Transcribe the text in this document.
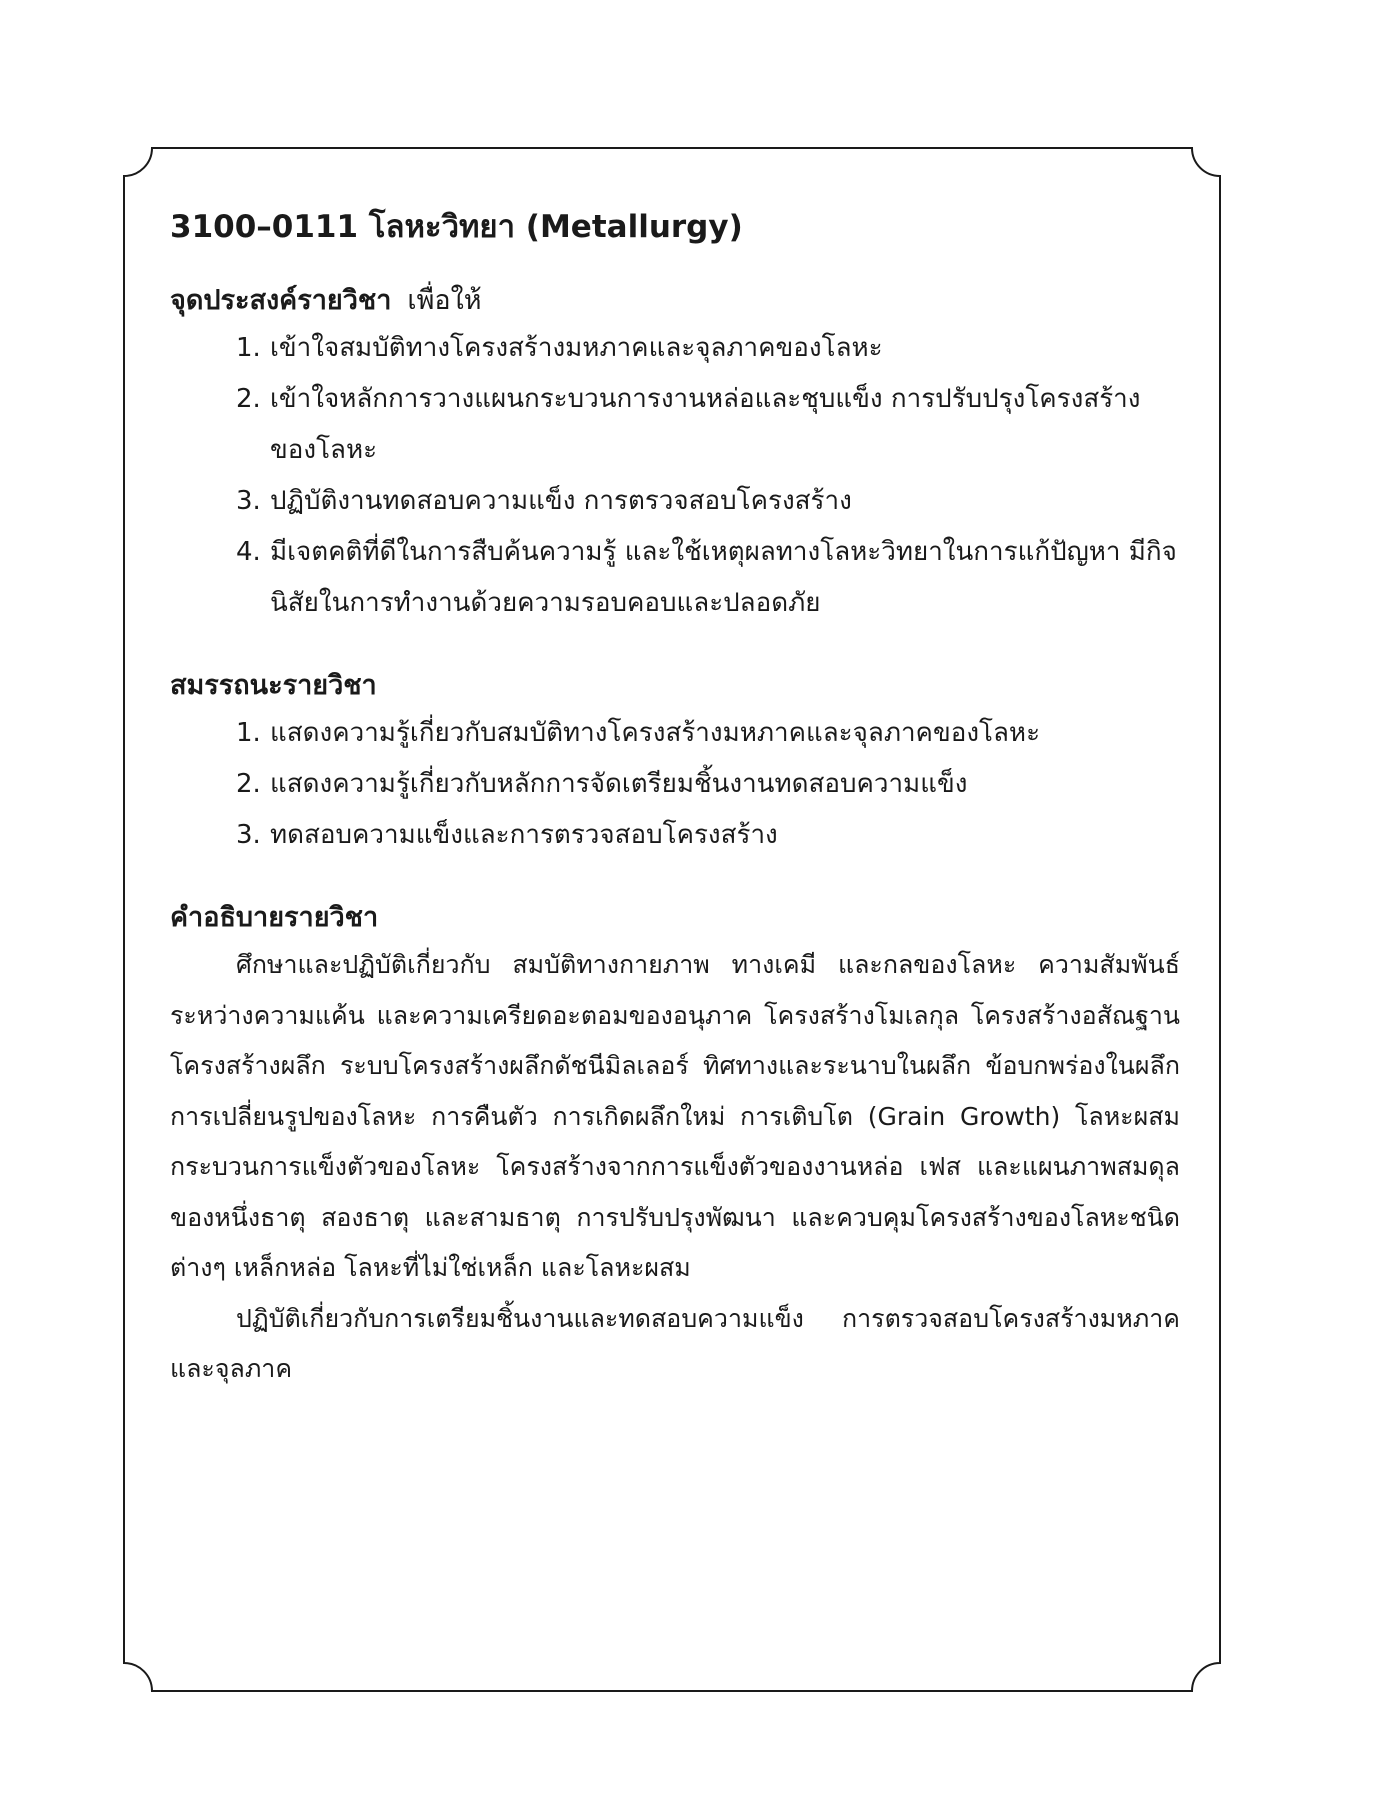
3100–0111 โลหะวิทยา (Metallurgy)
จุดประสงค์รายวิชา เพื่อให้
1. เข้าใจสมบัติทางโครงสร้างมหภาคและจุลภาคของโลหะ
2. เข้าใจหลักการวางแผนกระบวนการงานหล่อและชุบแข็ง การปรับปรุงโครงสร้างของโลหะ
3. ปฏิบัติงานทดสอบความแข็ง การตรวจสอบโครงสร้าง
4. มีเจตคติที่ดีในการสืบค้นความรู้ และใช้เหตุผลทางโลหะวิทยาในการแก้ปัญหา มีกิจนิสัยในการทำงานด้วยความรอบคอบและปลอดภัย
สมรรถนะรายวิชา
1. แสดงความรู้เกี่ยวกับสมบัติทางโครงสร้างมหภาคและจุลภาคของโลหะ
2. แสดงความรู้เกี่ยวกับหลักการจัดเตรียมชิ้นงานทดสอบความแข็ง
3. ทดสอบความแข็งและการตรวจสอบโครงสร้าง
คำอธิบายรายวิชา

ศึกษาและปฏิบัติเกี่ยวกับ สมบัติทางกายภาพ ทางเคมี และกลของโลหะ ความสัมพันธ์ระหว่างความแค้น และความเครียดอะตอมของอนุภาค โครงสร้างโมเลกุล โครงสร้างอสัณฐาน โครงสร้างผลึก ระบบโครงสร้างผลึกดัชนีมิลเลอร์ ทิศทางและระนาบในผลึก ข้อบกพร่องในผลึก การเปลี่ยนรูปของโลหะ การคืนตัว การเกิดผลึกใหม่ การเติบโต (Grain Growth) โลหะผสม กระบวนการแข็งตัวของโลหะ โครงสร้างจากการแข็งตัวของงานหล่อ เฟส และแผนภาพสมดุล ของหนึ่งธาตุ สองธาตุ และสามธาตุ การปรับปรุงพัฒนา และควบคุมโครงสร้างของโลหะชนิดต่างๆ เหล็กหล่อ โลหะที่ไม่ใช่เหล็ก และโลหะผสม

ปฏิบัติเกี่ยวกับการเตรียมชิ้นงานและทดสอบความแข็ง การตรวจสอบโครงสร้างมหภาคและจุลภาค
